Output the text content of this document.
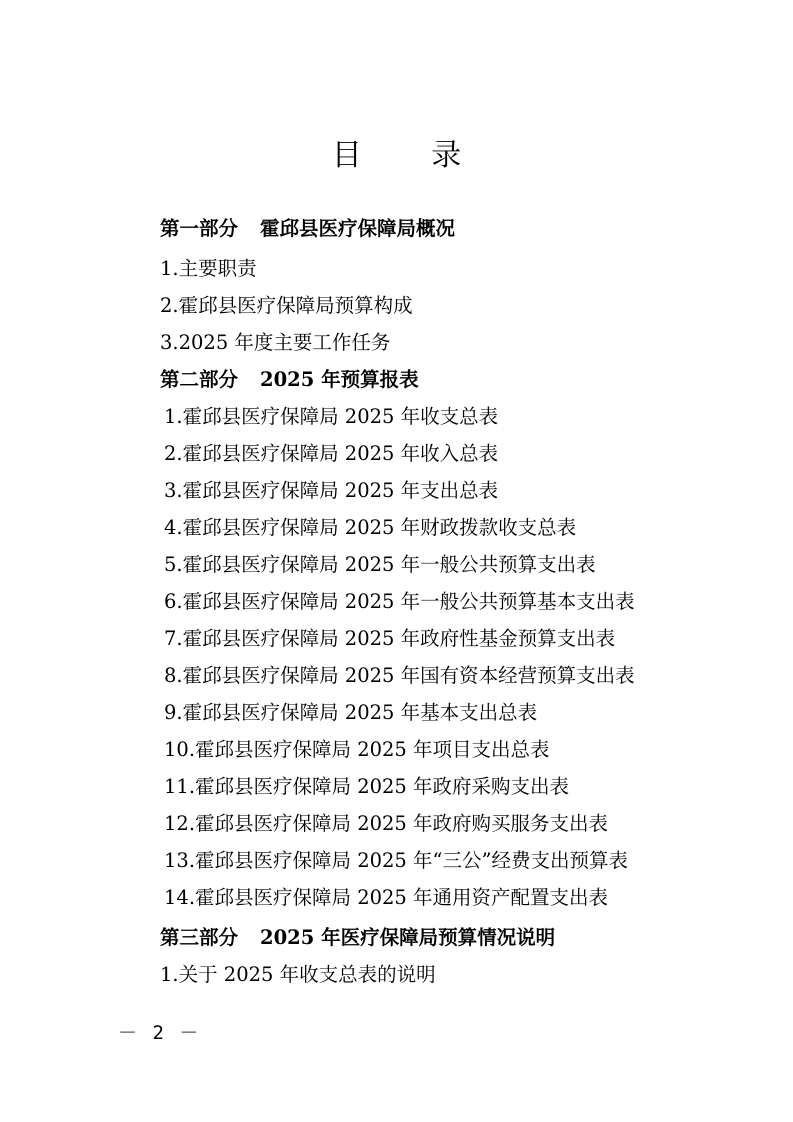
目 录
第一部分 霍邱县医疗保障局概况
1.主要职责
2.霍邱县医疗保障局预算构成
3.2025 年度主要工作任务
第二部分 2025 年预算报表
1.霍邱县医疗保障局 2025 年收支总表
2.霍邱县医疗保障局 2025 年收入总表
3.霍邱县医疗保障局 2025 年支出总表
4.霍邱县医疗保障局 2025 年财政拨款收支总表
5.霍邱县医疗保障局 2025 年一般公共预算支出表
6.霍邱县医疗保障局 2025 年一般公共预算基本支出表
7.霍邱县医疗保障局 2025 年政府性基金预算支出表
8.霍邱县医疗保障局 2025 年国有资本经营预算支出表
9.霍邱县医疗保障局 2025 年基本支出总表
10.霍邱县医疗保障局 2025 年项目支出总表
11.霍邱县医疗保障局 2025 年政府采购支出表
12.霍邱县医疗保障局 2025 年政府购买服务支出表
13.霍邱县医疗保障局 2025 年“三公”经费支出预算表
14.霍邱县医疗保障局 2025 年通用资产配置支出表
第三部分 2025 年医疗保障局预算情况说明
1.关于 2025 年收支总表的说明
－ 2 －
